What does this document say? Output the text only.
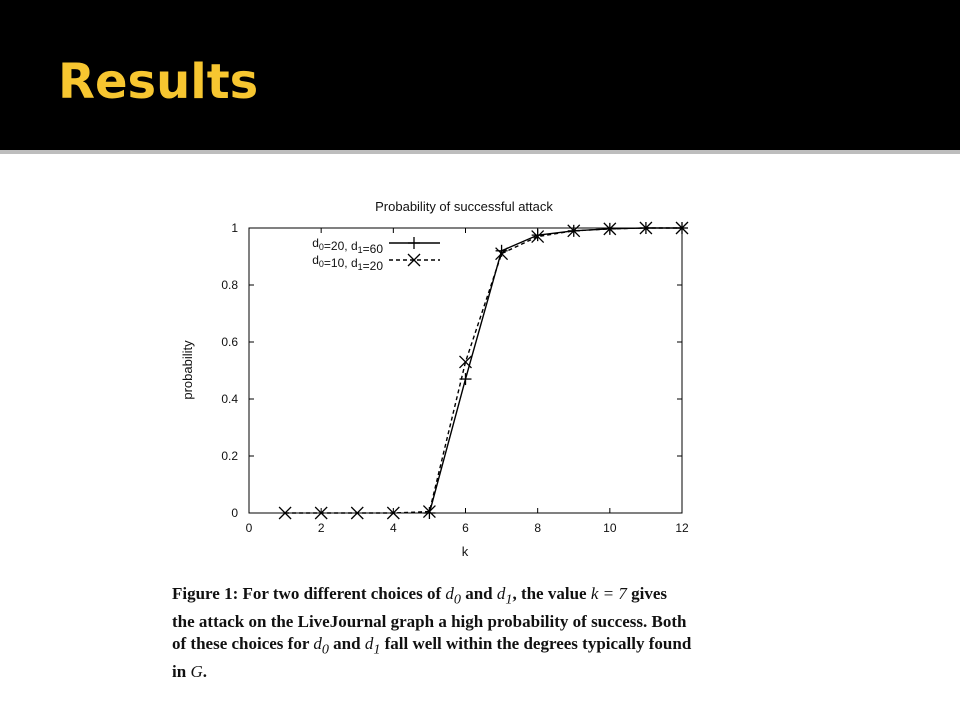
Results
Probability of successful attack
0
0.2
0.4
0.6
0.8
1
0	2	4	6	8	10	12
k
probability
$d_0=20$, $d_1=60$
$d_0=10$, $d_1=20$

Figure 1: For two different choices of $d_0$ and $d_1$, the value k = 7 gives the attack on the LiveJournal graph a high probability of success. Both of these choices for $d_0$ and $d_1$ fall well within the degrees typically found in G.
